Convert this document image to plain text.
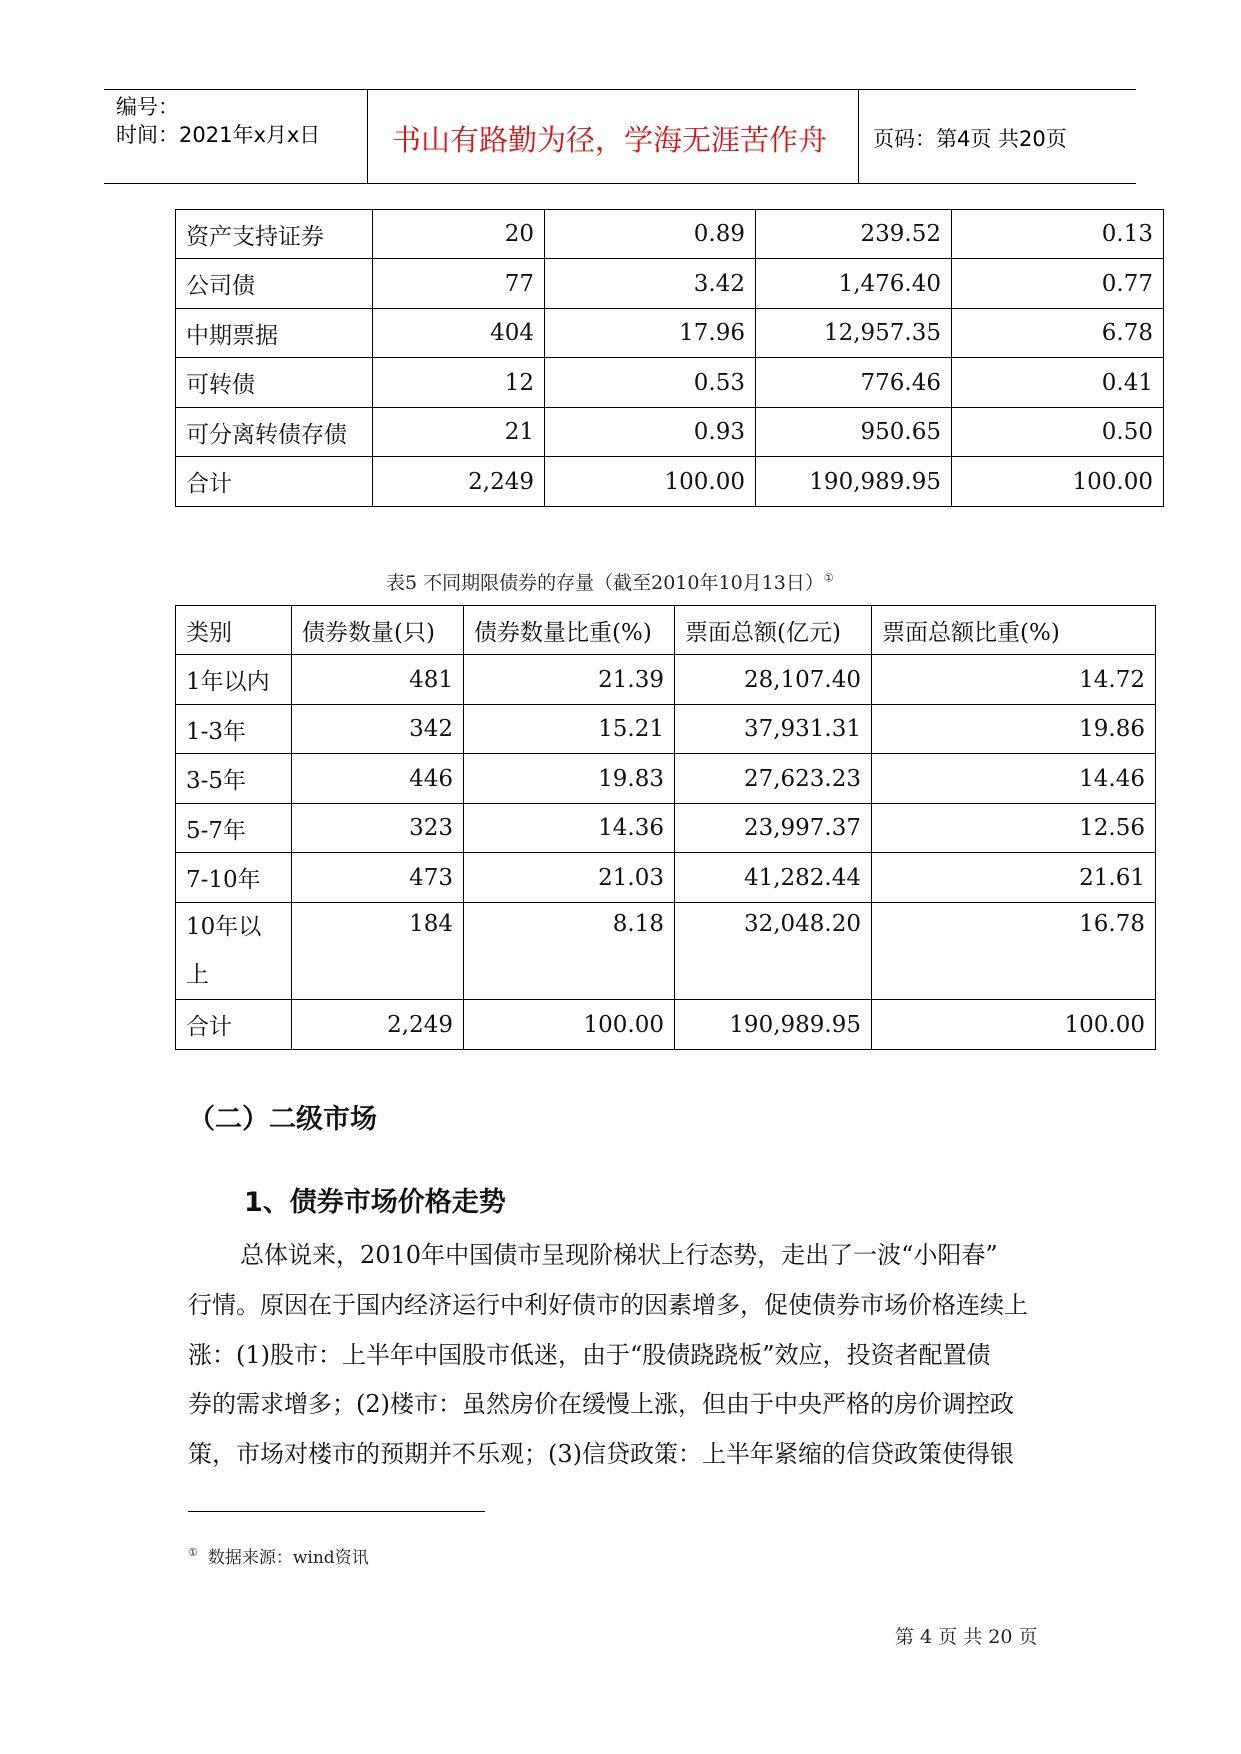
编号：
时间：2021年x月x日 书山有路勤为径，学海无涯苦作舟 页码：第4页 共20页
资产支持证券	20	0.89	239.52	0.13
公司债	77	3.42	1,476.40	0.77
中期票据	404	17.96	12,957.35	6.78
可转债	12	0.53	776.46	0.41
可分离转债存债	21	0.93	950.65	0.50
合计	2,249	100.00	190,989.95	100.00
表5 不同期限债券的存量（截至2010年10月13日）①
类别	债券数量(只)	债券数量比重(%)	票面总额(亿元)	票面总额比重(%)
1年以内	481	21.39	28,107.40	14.72
1-3年	342	15.21	37,931.31	19.86
3-5年	446	19.83	27,623.23	14.46
5-7年	323	14.36	23,997.37	12.56
7-10年	473	21.03	41,282.44	21.61

10年以
上	184	8.18	32,048.20	16.78
合计	2,249	100.00	190,989.95	100.00
（二）二级市场
1、债券市场价格走势
总体说来，2010年中国债市呈现阶梯状上行态势，走出了一波“小阳春”
行情。原因在于国内经济运行中利好债市的因素增多，促使债券市场价格连续上
涨：(1)股市：上半年中国股市低迷，由于“股债跷跷板”效应，投资者配置债
券的需求增多；(2)楼市：虽然房价在缓慢上涨，但由于中央严格的房价调控政
策，市场对楼市的预期并不乐观；(3)信贷政策：上半年紧缩的信贷政策使得银
① 数据来源：wind资讯
第 4 页 共 20 页
